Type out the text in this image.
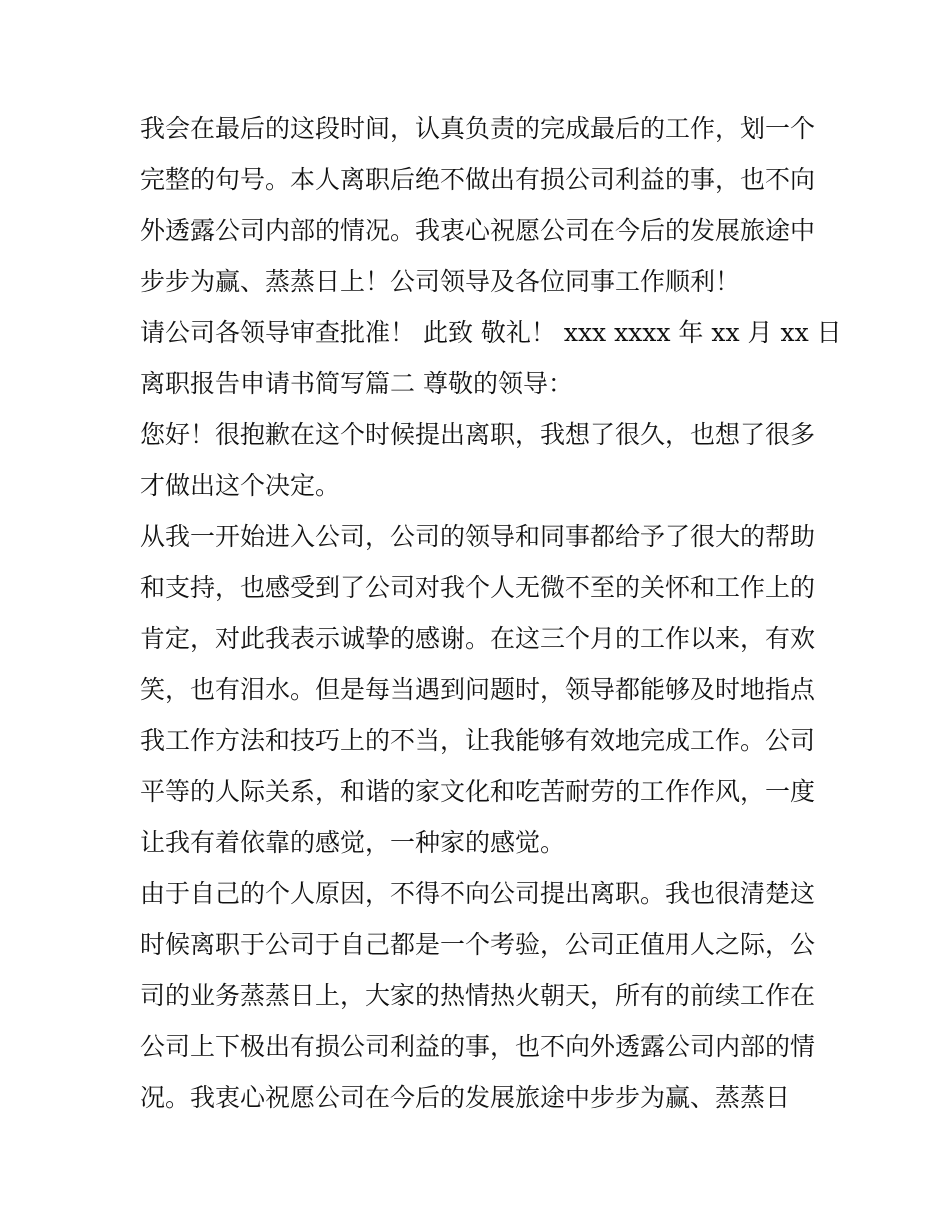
我会在最后的这段时间，认真负责的完成最后的工作，划一个
完整的句号。本人离职后绝不做出有损公司利益的事，也不向
外透露公司内部的情况。我衷心祝愿公司在今后的发展旅途中
步步为赢、蒸蒸日上！公司领导及各位同事工作顺利！

请公司各领导审查批准！ 此致 敬礼！ xxx xxxx 年 xx 月 xx 日

离职报告申请书简写篇二 尊敬的领导：

您好！很抱歉在这个时候提出离职，我想了很久，也想了很多
才做出这个决定。

从我一开始进入公司，公司的领导和同事都给予了很大的帮助
和支持，也感受到了公司对我个人无微不至的关怀和工作上的
肯定，对此我表示诚挚的感谢。在这三个月的工作以来，有欢
笑，也有泪水。但是每当遇到问题时，领导都能够及时地指点
我工作方法和技巧上的不当，让我能够有效地完成工作。公司
平等的人际关系，和谐的家文化和吃苦耐劳的工作作风，一度
让我有着依靠的感觉，一种家的感觉。

由于自己的个人原因，不得不向公司提出离职。我也很清楚这
时候离职于公司于自己都是一个考验，公司正值用人之际，公
司的业务蒸蒸日上，大家的热情热火朝天，所有的前续工作在
公司上下极出有损公司利益的事，也不向外透露公司内部的情
况。我衷心祝愿公司在今后的发展旅途中步步为赢、蒸蒸日
